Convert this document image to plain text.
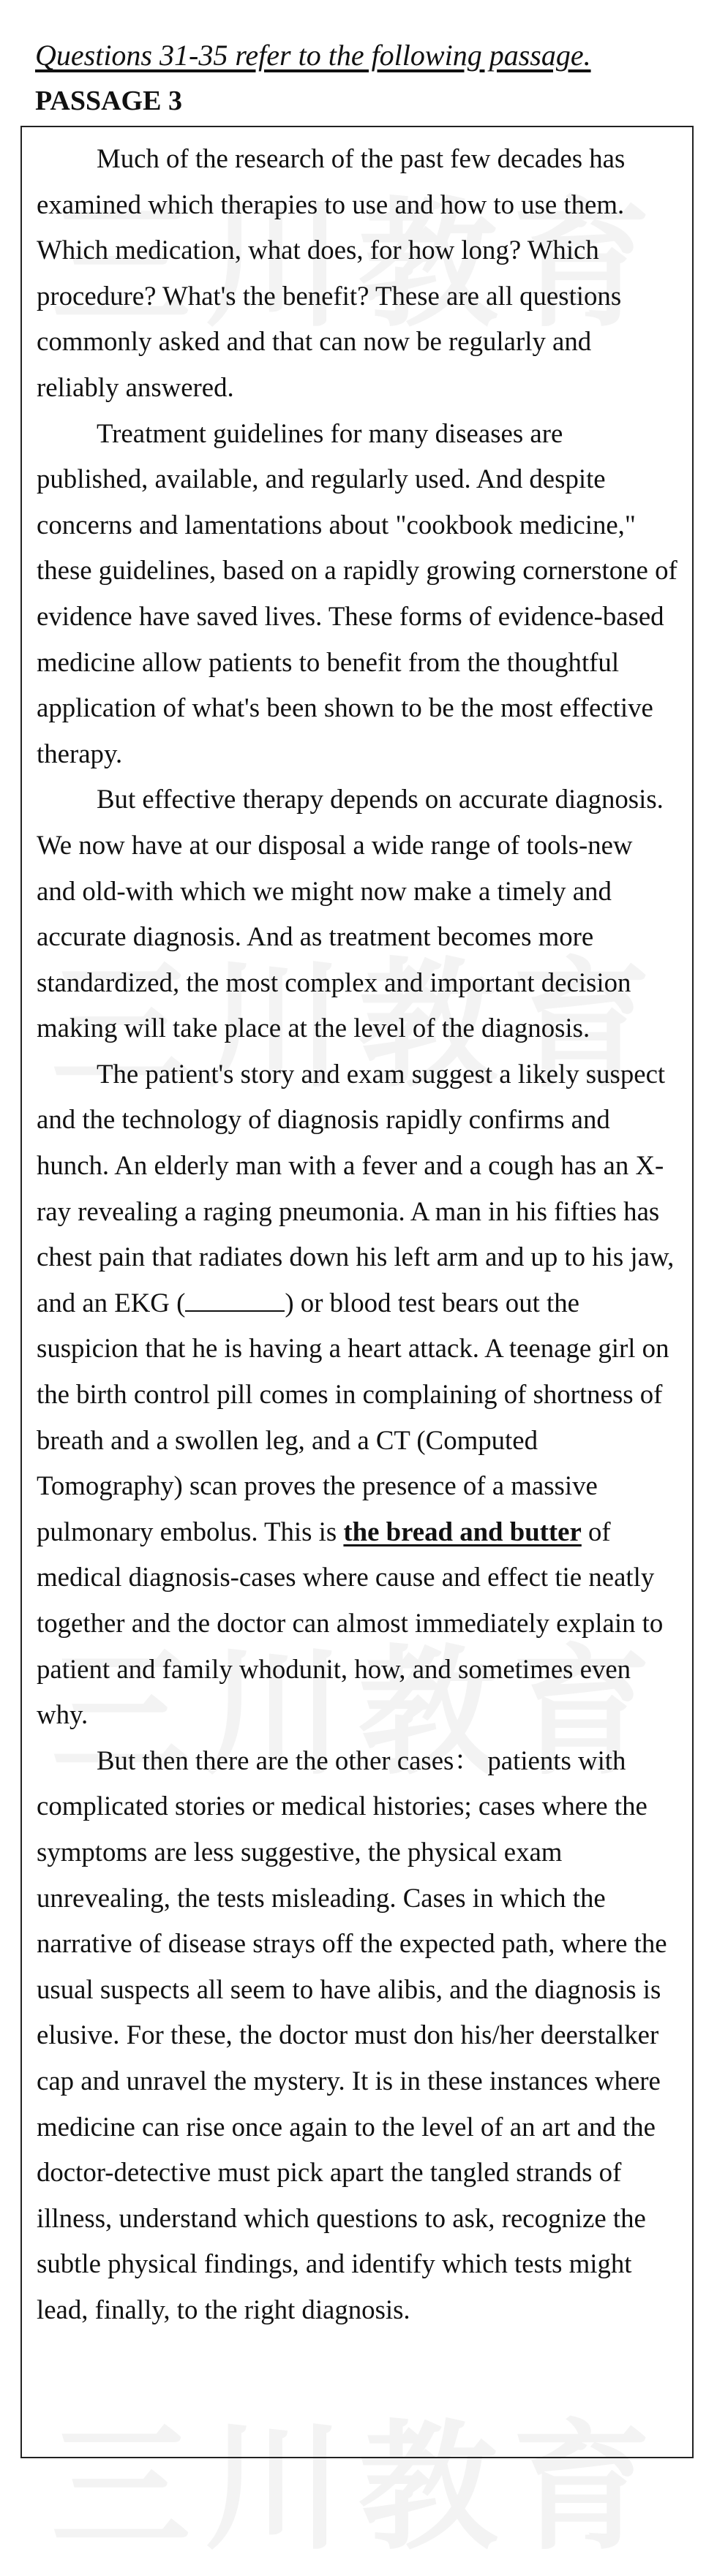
Questions 31-35 refer to the following passage.
PASSAGE 3

Much of the research of the past few decades has examined which therapies to use and how to use them. Which medication, what does, for how long? Which procedure? What's the benefit? These are all questions commonly asked and that can now be regularly and reliably answered.

Treatment guidelines for many diseases are published, available, and regularly used. And despite concerns and lamentations about "cookbook medicine," these guidelines, based on a rapidly growing cornerstone of evidence have saved lives. These forms of evidence-based medicine allow patients to benefit from the thoughtful application of what's been shown to be the most effective therapy.

But effective therapy depends on accurate diagnosis. We now have at our disposal a wide range of tools-new and old-with which we might now make a timely and accurate diagnosis. And as treatment becomes more standardized, the most complex and important decision making will take place at the level of the diagnosis.

The patient's story and exam suggest a likely suspect and the technology of diagnosis rapidly confirms and hunch. An elderly man with a fever and a cough has an X-ray revealing a raging pneumonia. A man in his fifties has chest pain that radiates down his left arm and up to his jaw, and an EKG (	) or blood test bears out the suspicion that he is having a heart attack. A teenage girl on the birth control pill comes in complaining of shortness of breath and a swollen leg, and a CT (Computed Tomography) scan proves the presence of a massive pulmonary embolus. This is the bread and butter of medical diagnosis-cases where cause and effect tie neatly together and the doctor can almost immediately explain to patient and family whodunit, how, and sometimes even why.

But then there are the other cases： patients with complicated stories or medical histories; cases where the symptoms are less suggestive, the physical exam unrevealing, the tests misleading. Cases in which the narrative of disease strays off the expected path, where the usual suspects all seem to have alibis, and the diagnosis is elusive. For these, the doctor must don his/her deerstalker cap and unravel the mystery. It is in these instances where medicine can rise once again to the level of an art and the doctor-detective must pick apart the tangled strands of illness, understand which questions to ask, recognize the subtle physical findings, and identify which tests might lead, finally, to the right diagnosis.
